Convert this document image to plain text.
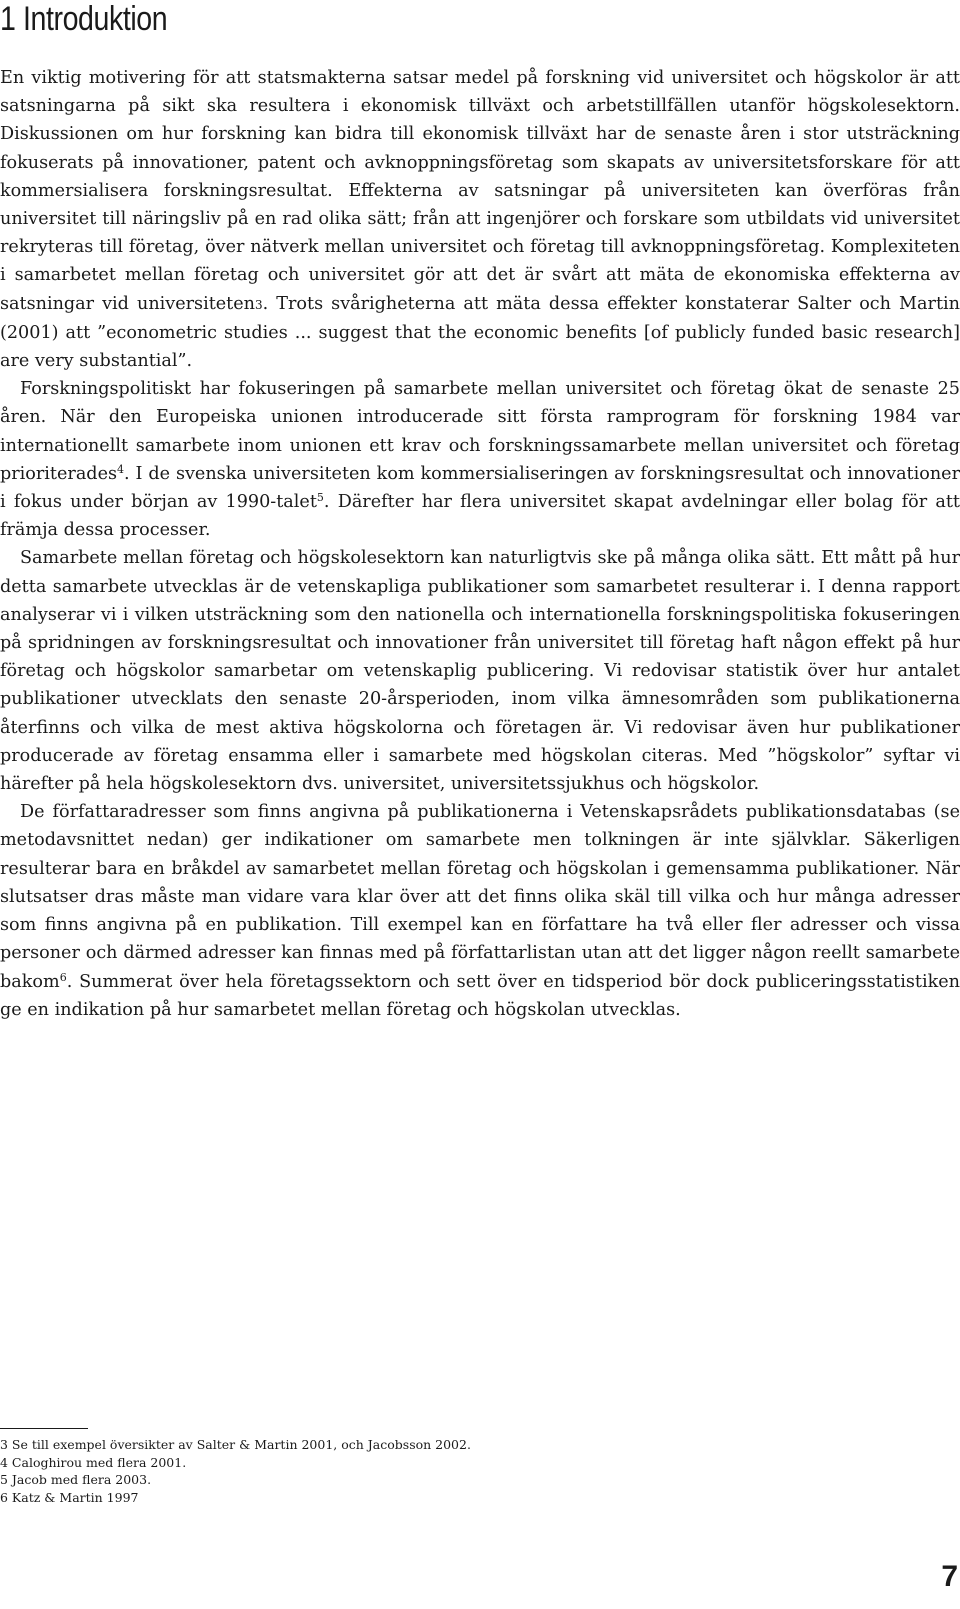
1 Introduktion

En viktig motivering för att statsmakterna satsar medel på forskning vid universitet och högskolor är att satsningarna på sikt ska resultera i ekonomisk tillväxt och arbetstillfällen utanför högskolesektorn. Diskussionen om hur forskning kan bidra till ekonomisk tillväxt har de senaste åren i stor utsträckning fokuserats på innovationer, patent och avknoppningsföretag som skapats av universitetsforskare för att kommersialisera forskningsresultat. Effekterna av satsningar på universiteten kan överföras från universitet till näringsliv på en rad olika sätt; från att ingenjörer och forskare som utbildats vid universitet rekryteras till företag, över nätverk mellan universitet och företag till avknoppningsföretag. Komplexiteten i samarbetet mellan företag och universitet gör att det är svårt att mäta de ekonomiska effekterna av satsningar vid universiteten3. Trots svårigheterna att mäta dessa effekter konstaterar Salter och Martin (2001) att ”econometric studies ... suggest that the economic benefits [of publicly funded basic research] are very substantial”.

Forskningspolitiskt har fokuseringen på samarbete mellan universitet och företag ökat de senaste 25 åren. När den Europeiska unionen introducerade sitt första ramprogram för forskning 1984 var internationellt samarbete inom unionen ett krav och forskningssamarbete mellan universitet och företag prioriterades$^4$. I de svenska universiteten kom kommersialiseringen av forskningsresultat och innovationer i fokus under början av 1990-talet$^5$. Därefter har flera universitet skapat avdelningar eller bolag för att främja dessa processer.

Samarbete mellan företag och högskolesektorn kan naturligtvis ske på många olika sätt. Ett mått på hur detta samarbete utvecklas är de vetenskapliga publikationer som samarbetet resulterar i. I denna rapport analyserar vi i vilken utsträckning som den nationella och internationella forskningspolitiska fokuseringen på spridningen av forskningsresultat och innovationer från universitet till företag haft någon effekt på hur företag och högskolor samarbetar om vetenskaplig publicering. Vi redovisar statistik över hur antalet publikationer utvecklats den senaste 20-årsperioden, inom vilka ämnesområden som publikationerna återfinns och vilka de mest aktiva högskolorna och företagen är. Vi redovisar även hur publikationer producerade av företag ensamma eller i samarbete med högskolan citeras. Med ”högskolor” syftar vi härefter på hela högskolesektorn dvs. universitet, universitetssjukhus och högskolor.

De författaradresser som finns angivna på publikationerna i Vetenskapsrådets publikationsdatabas (se metodavsnittet nedan) ger indikationer om samarbete men tolkningen är inte självklar. Säkerligen resulterar bara en bråkdel av samarbetet mellan företag och högskolan i gemensamma publikationer. När slutsatser dras måste man vidare vara klar över att det finns olika skäl till vilka och hur många adresser som finns angivna på en publikation. Till exempel kan en författare ha två eller fler adresser och vissa personer och därmed adresser kan finnas med på författarlistan utan att det ligger någon reellt samarbete bakom$^6$. Summerat över hela företagssektorn och sett över en tidsperiod bör dock publiceringsstatistiken ge en indikation på hur samarbetet mellan företag och högskolan utvecklas.

3 Se till exempel översikter av Salter & Martin 2001, och Jacobsson 2002.
4 Caloghirou med flera 2001.
5 Jacob med flera 2003.
6 Katz & Martin 1997
7
